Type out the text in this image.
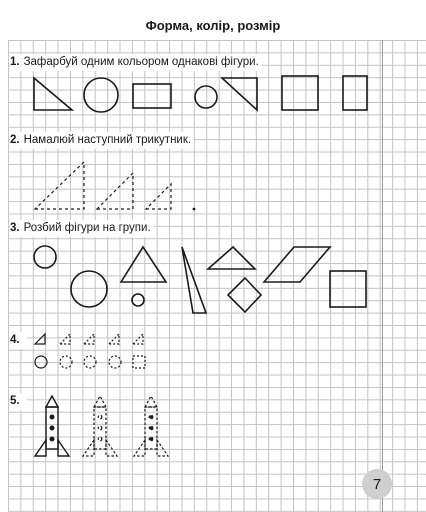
Форма, колір, розмір
1. Зафарбуй одним кольором однакові фігури.
2. Намалюй наступний трикутник.
3. Розбий фігури на групи.
4.
5.
7
